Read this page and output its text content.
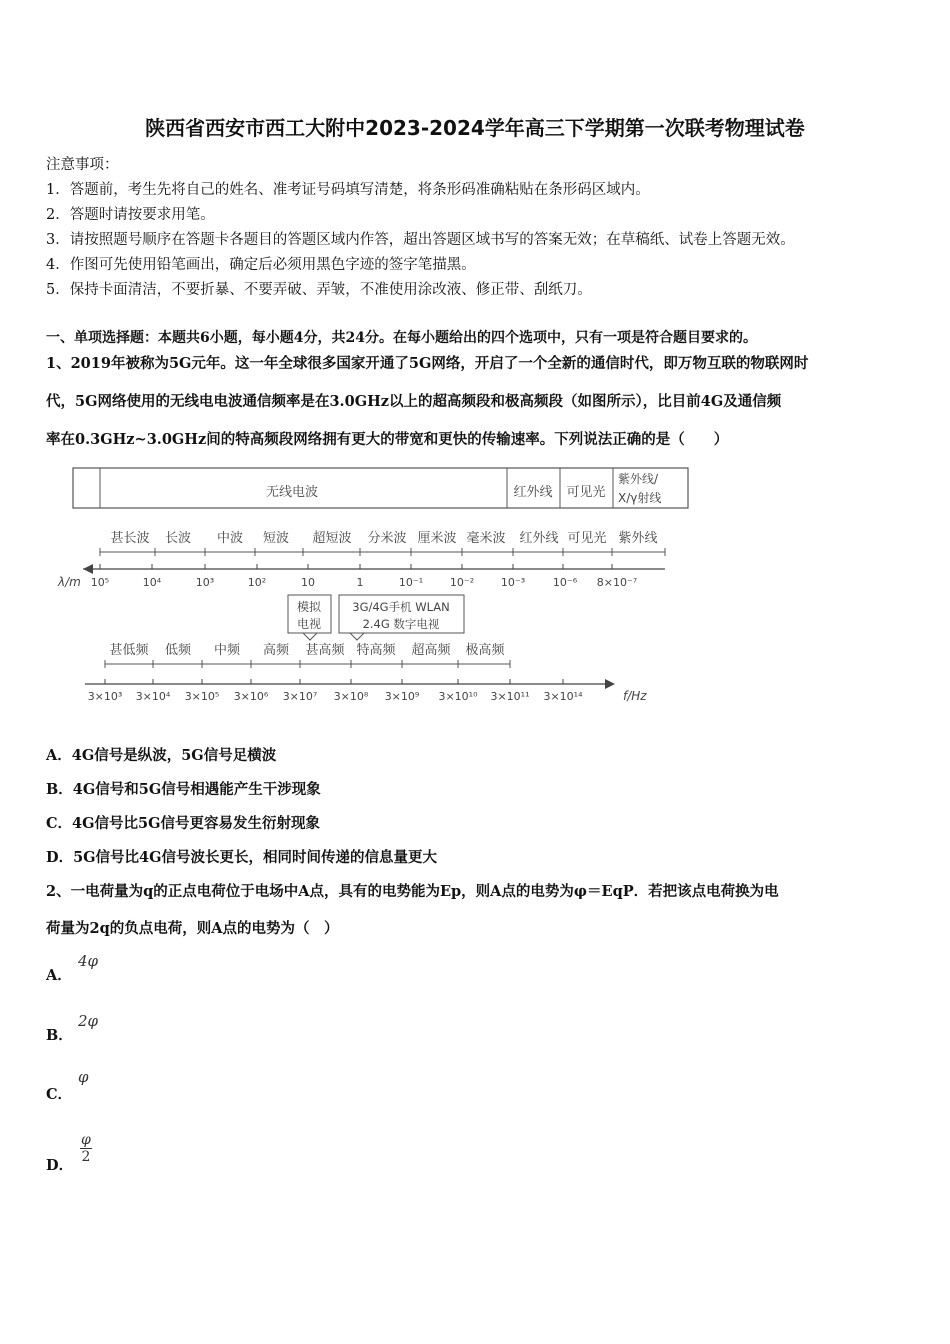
陕西省西安市西工大附中2023-2024学年高三下学期第一次联考物理试卷
注意事项：
1．答题前，考生先将自己的姓名、准考证号码填写清楚，将条形码准确粘贴在条形码区域内。
2．答题时请按要求用笔。
3．请按照题号顺序在答题卡各题目的答题区域内作答，超出答题区域书写的答案无效；在草稿纸、试卷上答题无效。
4．作图可先使用铅笔画出，确定后必须用黑色字迹的签字笔描黑。
5．保持卡面清洁，不要折暴、不要弄破、弄皱，不准使用涂改液、修正带、刮纸刀。
一、单项选择题：本题共6小题，每小题4分，共24分。在每小题给出的四个选项中，只有一项是符合题目要求的。
1、2019年被称为5G元年。这一年全球很多国家开通了5G网络，开启了一个全新的通信时代，即万物互联的物联网时
代，5G网络使用的无线电电波通信频率是在3.0GHz以上的超高频段和极高频段（如图所示），比目前4G及通信频
率在0.3GHz~3.0GHz间的特高频段网络拥有更大的带宽和更快的传输速率。下列说法正确的是（　　）
无线电波	红外线 可见光
紫外线/
X/γ射线
甚长波 长波 中波 短波 超短波 分米波 厘米波 毫米波 红外线 可见光 紫外线
λ/m 10⁵	10⁴	10³	10²	10	1	10⁻¹ 10⁻² 10⁻³	10⁻⁶ 8×10⁻⁷
模拟
电视
3G/4G手机 WLAN
2.4G 数字电视
甚低频 低频 中频 高频 甚高频 特高频 超高频 极高频
3×10³ 3×10⁴ 3×10⁵ 3×10⁶ 3×10⁷ 3×10⁸ 3×10⁹ 3×10¹⁰ 3×10¹¹ 3×10¹⁴	f/Hz
A．4G信号是纵波，5G信号足横波
B．4G信号和5G信号相遇能产生干涉现象
C．4G信号比5G信号更容易发生衍射现象
D．5G信号比4G信号波长更长，相同时间传递的信息量更大
2、一电荷量为q的正点电荷位于电场中A点，具有的电势能为Ep，则A点的电势为φ＝EqP．若把该点电荷换为电
荷量为2q的负点电荷，则A点的电势为（　）
A．
4φ
B．
2φ
C．
φ
D．
$\frac{\varphi}{2}$
